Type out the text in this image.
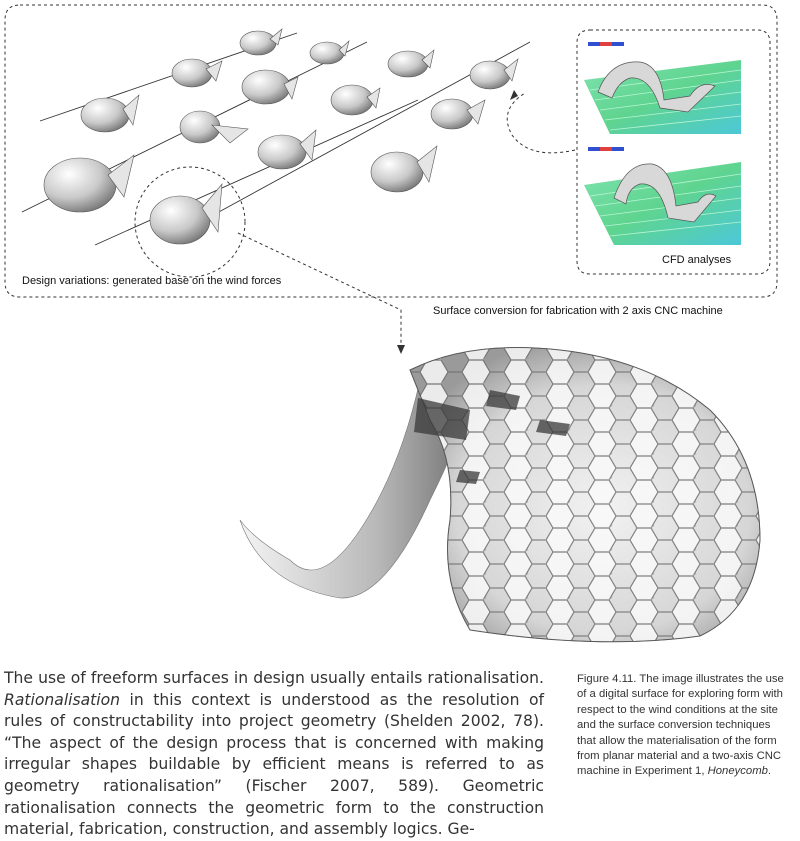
Design variations: generated base on the wind forces
CFD analyses
Surface conversion for fabrication with 2 axis CNC machine

The use of freeform surfaces in design usually entails rationalisation. Rationalisation in this context is understood as the resolution of rules of constructability into project geometry (Shelden 2002, 78). “The aspect of the design process that is concerned with making irregular shapes buildable by efficient means is referred to as geometry rationalisation” (Fischer 2007, 589). Geometric rationalisation connects the geometric form to the construction material, fabrication, construction, and assembly logics. Ge-

Figure 4.11. The image illustrates the use of a digital surface for exploring form with respect to the wind conditions at the site and the surface conversion techniques that allow the materialisation of the form from planar material and a two-axis CNC machine in Experiment 1, Honeycomb.
